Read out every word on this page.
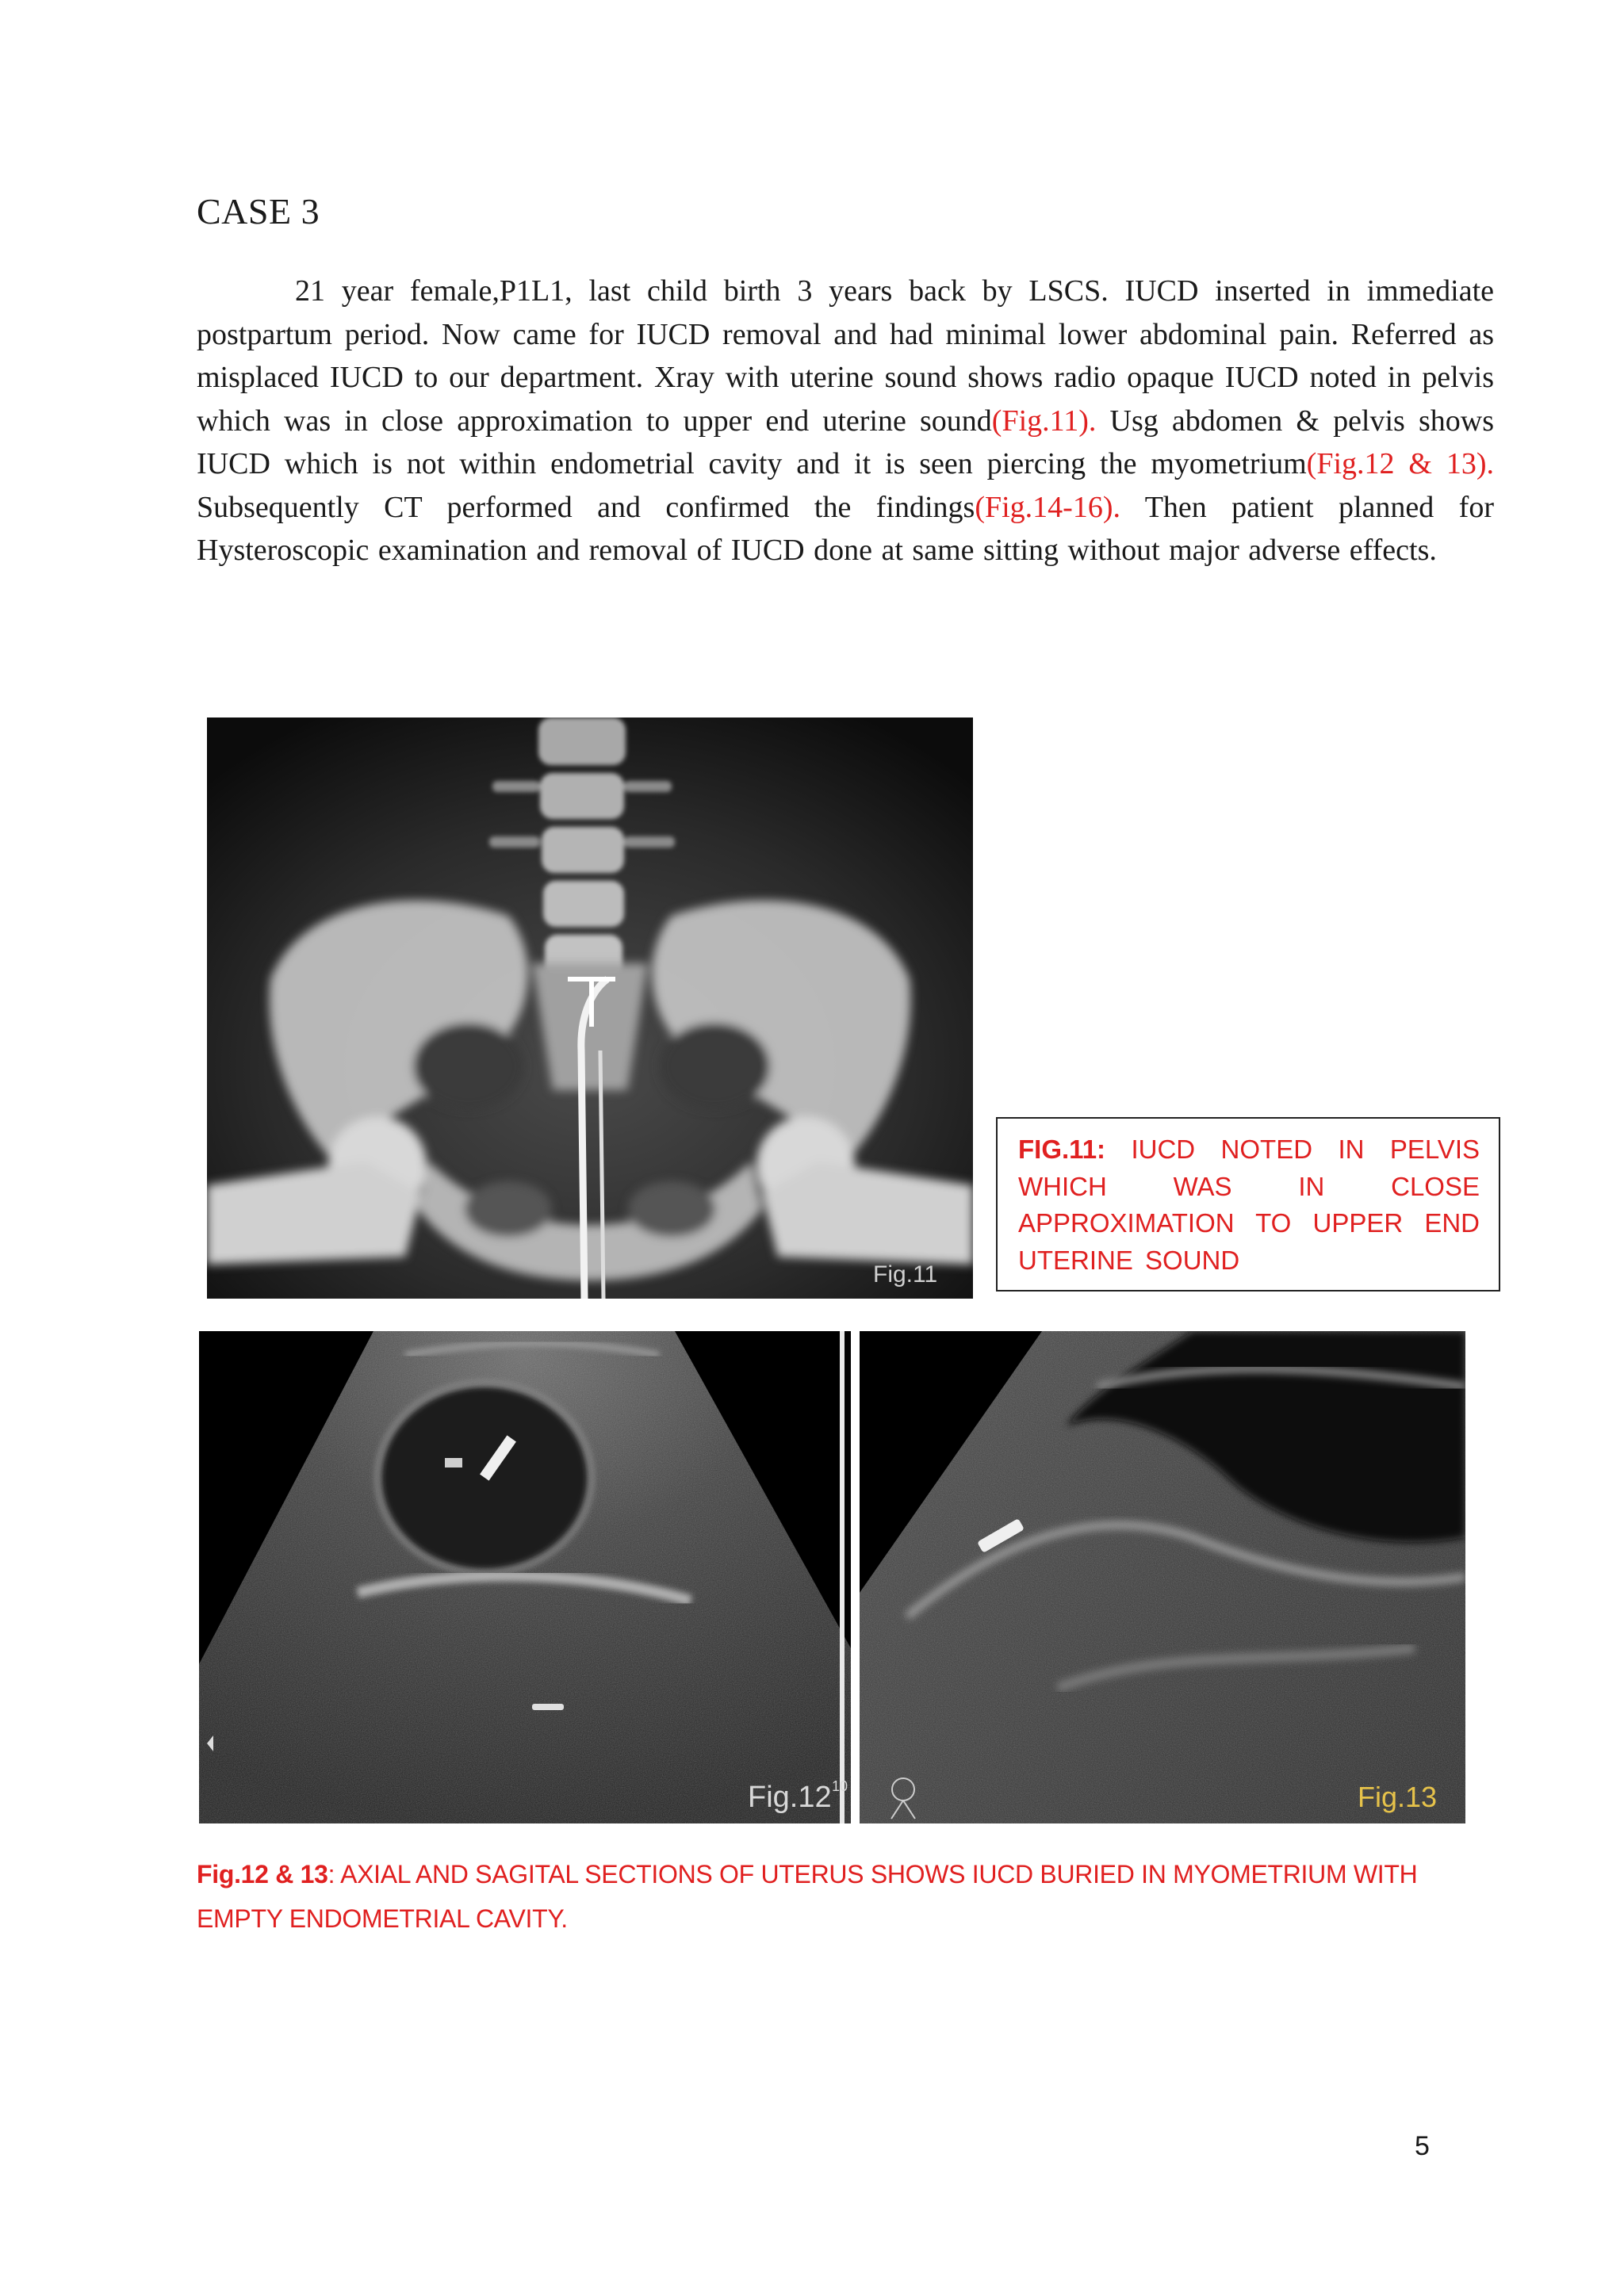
CASE 3

21 year female,P1L1, last child birth 3 years back by LSCS. IUCD inserted in immediate postpartum period. Now came for IUCD removal and had minimal lower abdominal pain. Referred as misplaced IUCD to our department. Xray with uterine sound shows radio opaque IUCD noted in pelvis which was in close approximation to upper end uterine sound(Fig.11). Usg abdomen & pelvis shows IUCD which is not within endometrial cavity and it is seen piercing the myometrium(Fig.12 & 13). Subsequently CT performed and confirmed the findings(Fig.14-16). Then patient planned for Hysteroscopic examination and removal of IUCD done at same sitting without major adverse effects.

Fig.11
FIG.11: IUCD NOTED IN PELVIS WHICH WAS IN CLOSE APPROXIMATION TO UPPER END UTERINE SOUND
Fig.12 10	Fig.13
Fig.12 & 13: AXIAL AND SAGITAL SECTIONS OF UTERUS SHOWS IUCD BURIED IN MYOMETRIUM WITH EMPTY ENDOMETRIAL CAVITY.
5
